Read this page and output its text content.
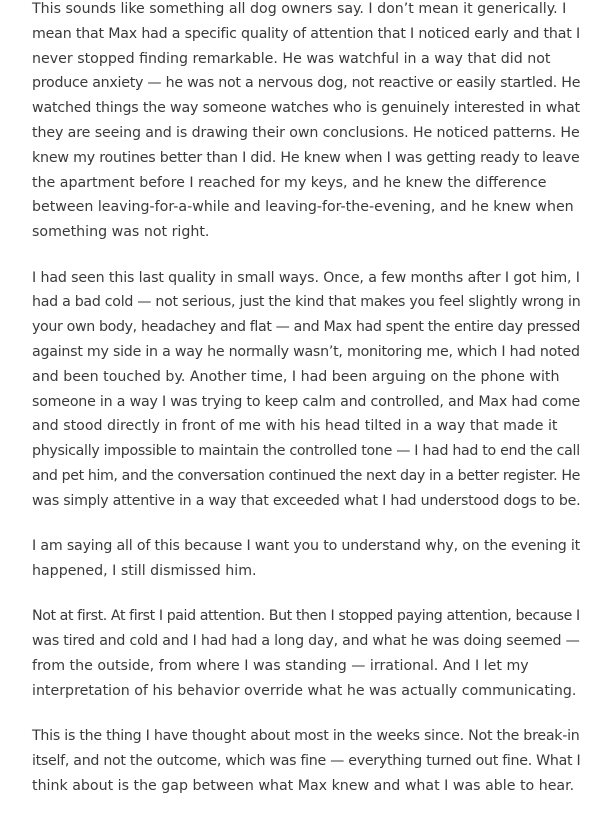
This sounds like something all dog owners say. I don’t mean it generically. I
mean that Max had a specific quality of attention that I noticed early and that I
never stopped finding remarkable. He was watchful in a way that did not
produce anxiety — he was not a nervous dog, not reactive or easily startled. He
watched things the way someone watches who is genuinely interested in what
they are seeing and is drawing their own conclusions. He noticed patterns. He
knew my routines better than I did. He knew when I was getting ready to leave
the apartment before I reached for my keys, and he knew the difference
between leaving-for-a-while and leaving-for-the-evening, and he knew when
something was not right.

I had seen this last quality in small ways. Once, a few months after I got him, I
had a bad cold — not serious, just the kind that makes you feel slightly wrong in
your own body, headachey and flat — and Max had spent the entire day pressed
against my side in a way he normally wasn’t, monitoring me, which I had noted
and been touched by. Another time, I had been arguing on the phone with
someone in a way I was trying to keep calm and controlled, and Max had come
and stood directly in front of me with his head tilted in a way that made it
physically impossible to maintain the controlled tone — I had had to end the call
and pet him, and the conversation continued the next day in a better register. He
was simply attentive in a way that exceeded what I had understood dogs to be.

I am saying all of this because I want you to understand why, on the evening it
happened, I still dismissed him.

Not at first. At first I paid attention. But then I stopped paying attention, because I
was tired and cold and I had had a long day, and what he was doing seemed —
from the outside, from where I was standing — irrational. And I let my
interpretation of his behavior override what he was actually communicating.

This is the thing I have thought about most in the weeks since. Not the break-in
itself, and not the outcome, which was fine — everything turned out fine. What I
think about is the gap between what Max knew and what I was able to hear.
